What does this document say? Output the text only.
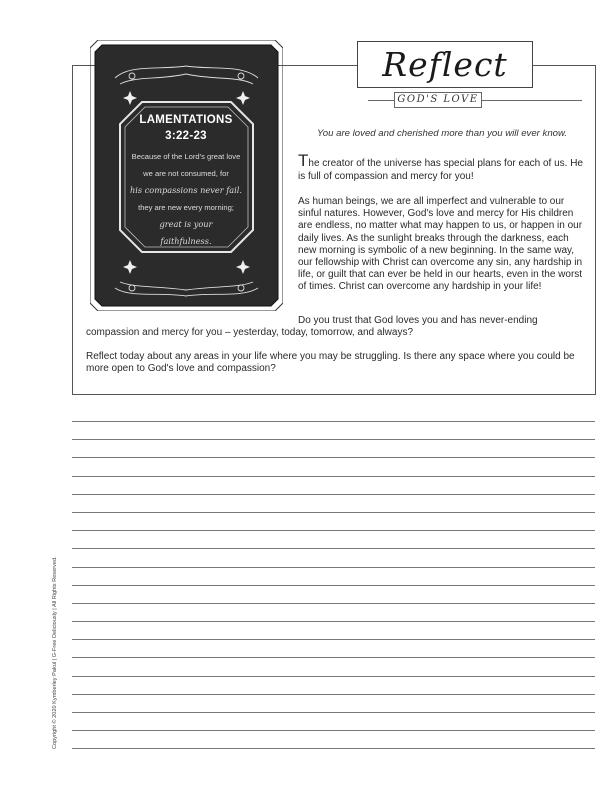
Reflect
GOD'S LOVE
LAMENTATIONS
3:22-23
Because of the Lord's great love
we are not consumed, for
his compassions never fail.
they are new every morning;
great is your
faithfulness.
You are loved and cherished more than you will ever know.
The creator of the universe has special plans for each of us. He is full of compassion and mercy for you!
As human beings, we are all imperfect and vulnerable to our sinful natures. However, God's love and mercy for His children are endless, no matter what may happen to us, or happen in our daily lives. As the sunlight breaks through the darkness, each new morning is symbolic of a new beginning. In the same way, our fellowship with Christ can overcome any sin, any hardship in life, or guilt that can ever be held in our hearts, even in the worst of times. Christ can overcome any hardship in your life!
Do you trust that God loves you and has never-ending compassion and mercy for you – yesterday, today, tomorrow, and always?
Reflect today about any areas in your life where you may be struggling. Is there any space where you could be more open to God's love and compassion?
Copyright © 2020 Kymberley Pakul | G-Free Deliciously | All Rights Reserved.
